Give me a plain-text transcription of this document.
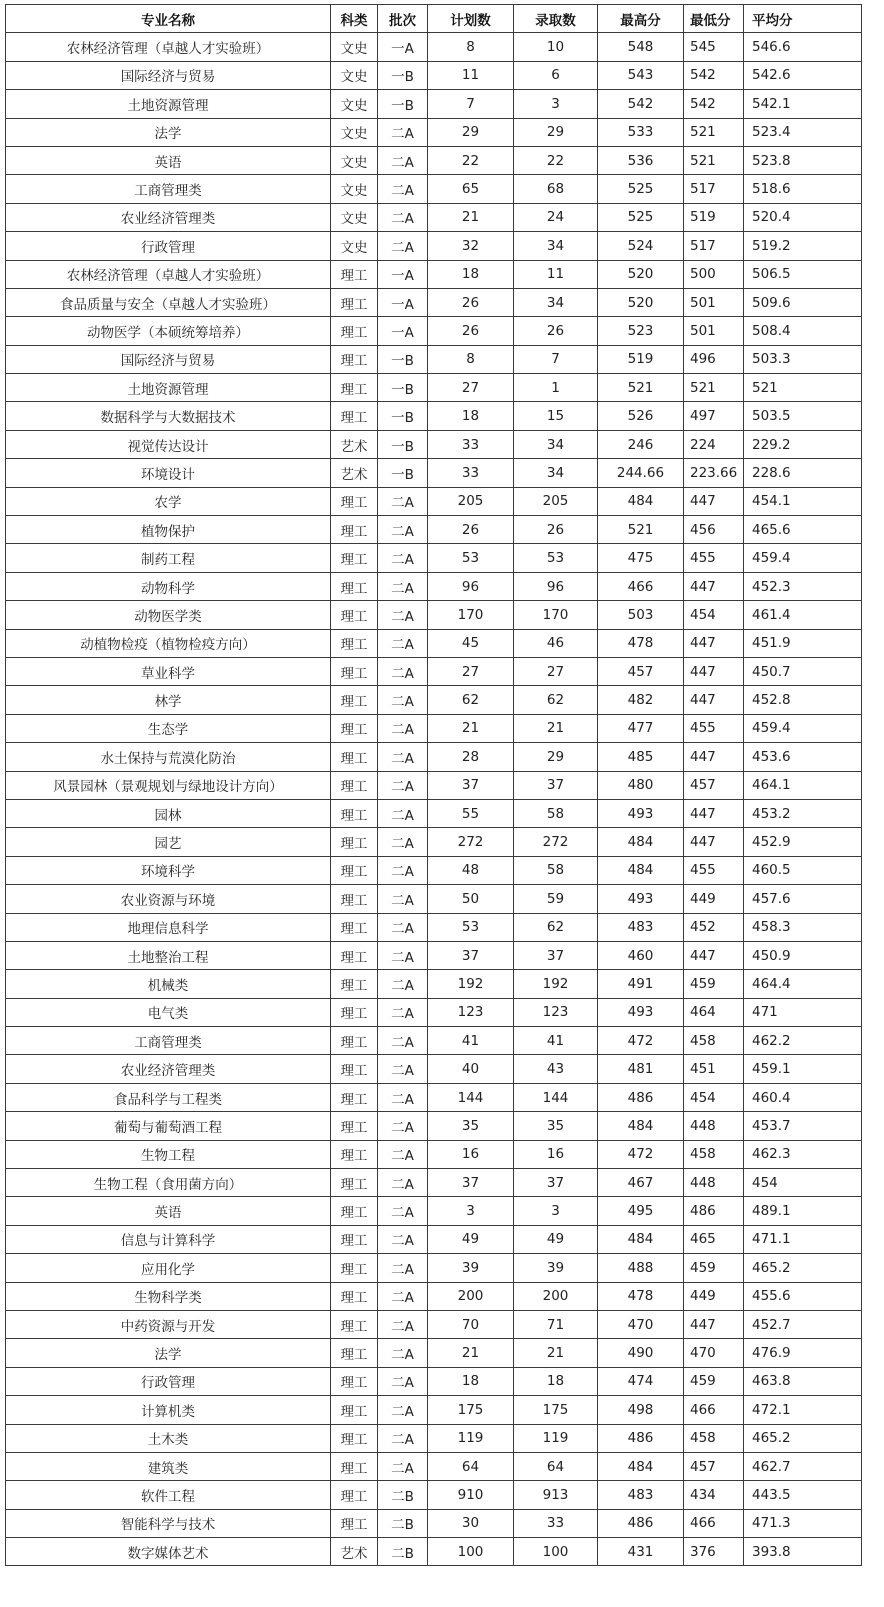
专业名称	科类	批次	计划数	录取数	最高分	最低分	平均分
农林经济管理（卓越人才实验班）	文史	一A	8	10	548	545	546.6
国际经济与贸易	文史	一B	11	6	543	542	542.6
土地资源管理	文史	一B	7	3	542	542	542.1
法学	文史	二A	29	29	533	521	523.4
英语	文史	二A	22	22	536	521	523.8
工商管理类	文史	二A	65	68	525	517	518.6
农业经济管理类	文史	二A	21	24	525	519	520.4
行政管理	文史	二A	32	34	524	517	519.2
农林经济管理（卓越人才实验班）	理工	一A	18	11	520	500	506.5
食品质量与安全（卓越人才实验班）	理工	一A	26	34	520	501	509.6
动物医学（本硕统筹培养）	理工	一A	26	26	523	501	508.4
国际经济与贸易	理工	一B	8	7	519	496	503.3
土地资源管理	理工	一B	27	1	521	521	521
数据科学与大数据技术	理工	一B	18	15	526	497	503.5
视觉传达设计	艺术	一B	33	34	246	224	229.2
环境设计	艺术	一B	33	34	244.66	223.66	228.6
农学	理工	二A	205	205	484	447	454.1
植物保护	理工	二A	26	26	521	456	465.6
制药工程	理工	二A	53	53	475	455	459.4
动物科学	理工	二A	96	96	466	447	452.3
动物医学类	理工	二A	170	170	503	454	461.4
动植物检疫（植物检疫方向）	理工	二A	45	46	478	447	451.9
草业科学	理工	二A	27	27	457	447	450.7
林学	理工	二A	62	62	482	447	452.8
生态学	理工	二A	21	21	477	455	459.4
水土保持与荒漠化防治	理工	二A	28	29	485	447	453.6
风景园林（景观规划与绿地设计方向）	理工	二A	37	37	480	457	464.1
园林	理工	二A	55	58	493	447	453.2
园艺	理工	二A	272	272	484	447	452.9
环境科学	理工	二A	48	58	484	455	460.5
农业资源与环境	理工	二A	50	59	493	449	457.6
地理信息科学	理工	二A	53	62	483	452	458.3
土地整治工程	理工	二A	37	37	460	447	450.9
机械类	理工	二A	192	192	491	459	464.4
电气类	理工	二A	123	123	493	464	471
工商管理类	理工	二A	41	41	472	458	462.2
农业经济管理类	理工	二A	40	43	481	451	459.1
食品科学与工程类	理工	二A	144	144	486	454	460.4
葡萄与葡萄酒工程	理工	二A	35	35	484	448	453.7
生物工程	理工	二A	16	16	472	458	462.3
生物工程（食用菌方向）	理工	二A	37	37	467	448	454
英语	理工	二A	3	3	495	486	489.1
信息与计算科学	理工	二A	49	49	484	465	471.1
应用化学	理工	二A	39	39	488	459	465.2
生物科学类	理工	二A	200	200	478	449	455.6
中药资源与开发	理工	二A	70	71	470	447	452.7
法学	理工	二A	21	21	490	470	476.9
行政管理	理工	二A	18	18	474	459	463.8
计算机类	理工	二A	175	175	498	466	472.1
土木类	理工	二A	119	119	486	458	465.2
建筑类	理工	二A	64	64	484	457	462.7
软件工程	理工	二B	910	913	483	434	443.5
智能科学与技术	理工	二B	30	33	486	466	471.3
数字媒体艺术	艺术	二B	100	100	431	376	393.8
